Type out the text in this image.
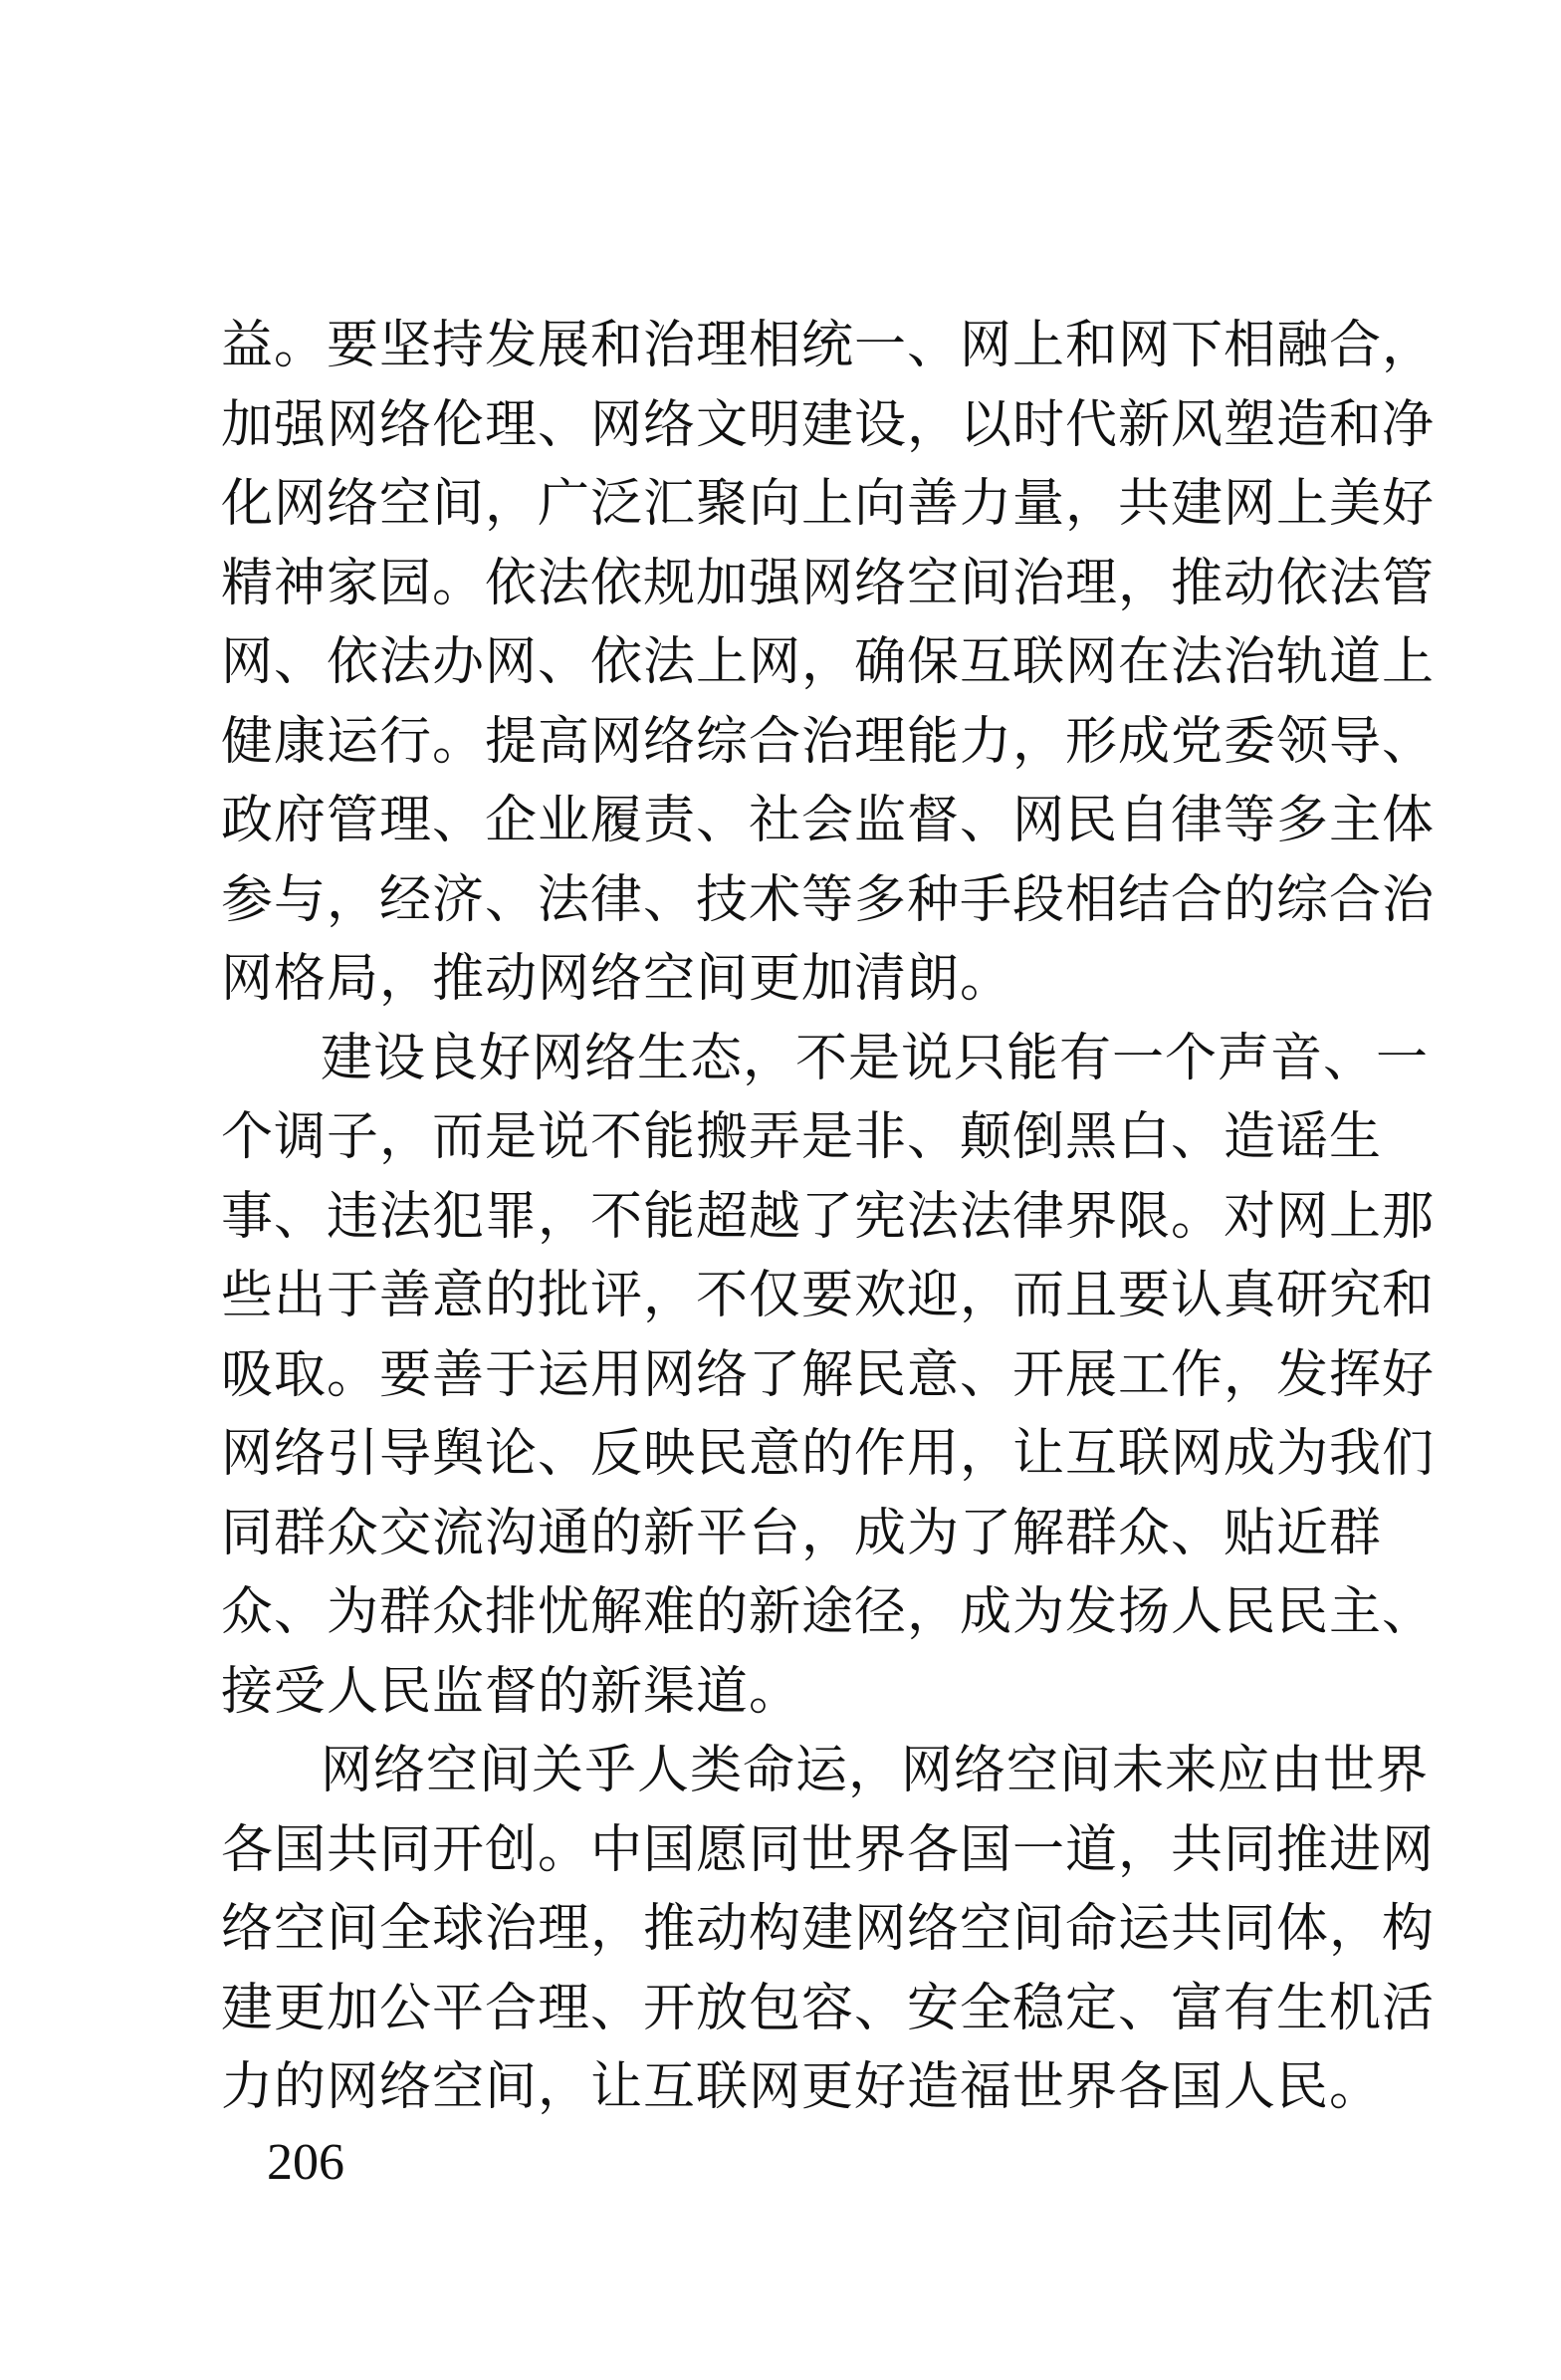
益。要坚持发展和治理相统一、网上和网下相融合，
加强网络伦理、网络文明建设，以时代新风塑造和净
化网络空间，广泛汇聚向上向善力量，共建网上美好
精神家园。依法依规加强网络空间治理，推动依法管
网、依法办网、依法上网，确保互联网在法治轨道上
健康运行。提高网络综合治理能力，形成党委领导、
政府管理、企业履责、社会监督、网民自律等多主体
参与，经济、法律、技术等多种手段相结合的综合治
网格局，推动网络空间更加清朗。
建设良好网络生态，不是说只能有一个声音、一
个调子，而是说不能搬弄是非、颠倒黑白、造谣生
事、违法犯罪，不能超越了宪法法律界限。对网上那
些出于善意的批评，不仅要欢迎，而且要认真研究和
吸取。要善于运用网络了解民意、开展工作，发挥好
网络引导舆论、反映民意的作用，让互联网成为我们
同群众交流沟通的新平台，成为了解群众、贴近群
众、为群众排忧解难的新途径，成为发扬人民民主、
接受人民监督的新渠道。
网络空间关乎人类命运，网络空间未来应由世界
各国共同开创。中国愿同世界各国一道，共同推进网
络空间全球治理，推动构建网络空间命运共同体，构
建更加公平合理、开放包容、安全稳定、富有生机活
力的网络空间，让互联网更好造福世界各国人民。
206
